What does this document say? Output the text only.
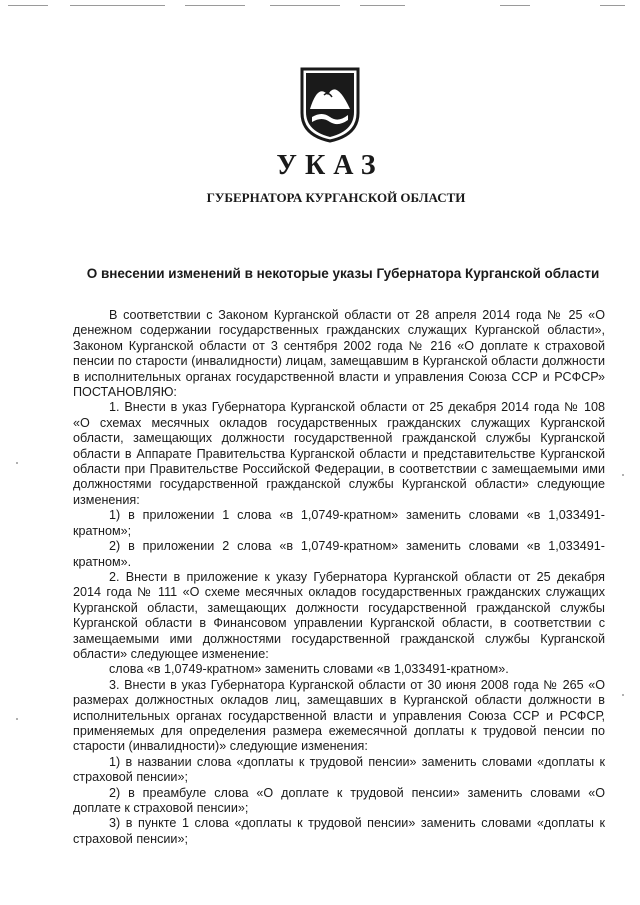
УКАЗ
ГУБЕРНАТОРА КУРГАНСКОЙ ОБЛАСТИ
О внесении изменений в некоторые указы Губернатора Курганской области

В соответствии с Законом Курганской области от 28 апреля 2014 года № 25 «О денежном содержании государственных гражданских служащих Курганской области», Законом Курганской области от 3 сентября 2002 года № 216 «О доплате к страховой пенсии по старости (инвалидности) лицам, замещавшим в Курганской области должности в исполнительных органах государственной власти и управления Союза ССР и РСФСР» ПОСТАНОВЛЯЮ:

1. Внести в указ Губернатора Курганской области от 25 декабря 2014 года № 108 «О схемах месячных окладов государственных гражданских служащих Курганской области, замещающих должности государственной гражданской службы Курганской области в Аппарате Правительства Курганской области и представительстве Курганской области при Правительстве Российской Федерации, в соответствии с замещаемыми ими должностями государственной гражданской службы Курганской области» следующие изменения:

1) в приложении 1 слова «в 1,0749-кратном» заменить словами «в 1,033491-кратном»;

2) в приложении 2 слова «в 1,0749-кратном» заменить словами «в 1,033491-кратном».

2. Внести в приложение к указу Губернатора Курганской области от 25 декабря 2014 года № 111 «О схеме месячных окладов государственных гражданских служащих Курганской области, замещающих должности государственной гражданской службы Курганской области в Финансовом управлении Курганской области, в соответствии с замещаемыми ими должностями государственной гражданской службы Курганской области» следующее изменение:

слова «в 1,0749-кратном» заменить словами «в 1,033491-кратном».

3. Внести в указ Губернатора Курганской области от 30 июня 2008 года № 265 «О размерах должностных окладов лиц, замещавших в Курганской области должности в исполнительных органах государственной власти и управления Союза ССР и РСФСР, применяемых для определения размера ежемесячной доплаты к трудовой пенсии по старости (инвалидности)» следующие изменения:

1) в названии слова «доплаты к трудовой пенсии» заменить словами «доплаты к страховой пенсии»;

2) в преамбуле слова «О доплате к трудовой пенсии» заменить словами «О доплате к страховой пенсии»;

3) в пункте 1 слова «доплаты к трудовой пенсии» заменить словами «доплаты к страховой пенсии»;
